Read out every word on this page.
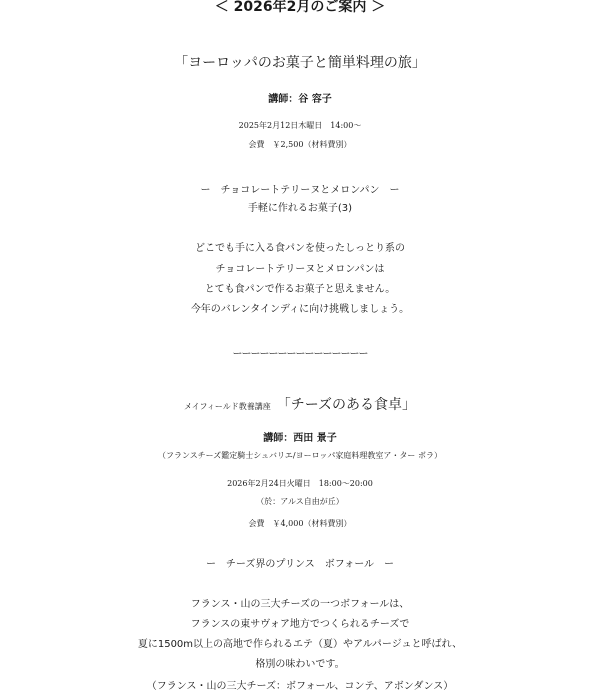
＜ 2026年2月のご案内 ＞
「ヨーロッパのお菓子と簡単料理の旅」
講師：谷 容子
2025年2月12日木曜日　14:00～
会費　￥2,500（材料費別）
ー　チョコレートテリーヌとメロンパン　ー
手軽に作れるお菓子(3)
どこでも手に入る食パンを使ったしっとり系の
チョコレートテリーヌとメロンパンは
とても食パンで作るお菓子と思えません。
今年のバレンタインディに向け挑戦しましょう。
ーーーーーーーーーーーーーーー
メイフィールド教養講座 「チーズのある食卓」
講師：西田 景子
（フランスチーズ鑑定騎士シュバリエ/ヨーロッパ家庭料理教室ア・ター ボラ）
2026年2月24日火曜日　18:00～20:00
（於：アルス自由が丘）
会費　￥4,000（材料費別）
ー　チーズ界のプリンス　ボフォール　ー
フランス・山の三大チーズの一つボフォールは、
フランスの東サヴォア地方でつくられるチーズで
夏に1500m以上の高地で作られるエテ（夏）やアルパージュと呼ばれ、
格別の味わいです。
（フランス・山の三大チーズ：ボフォール、コンテ、アボンダンス）
